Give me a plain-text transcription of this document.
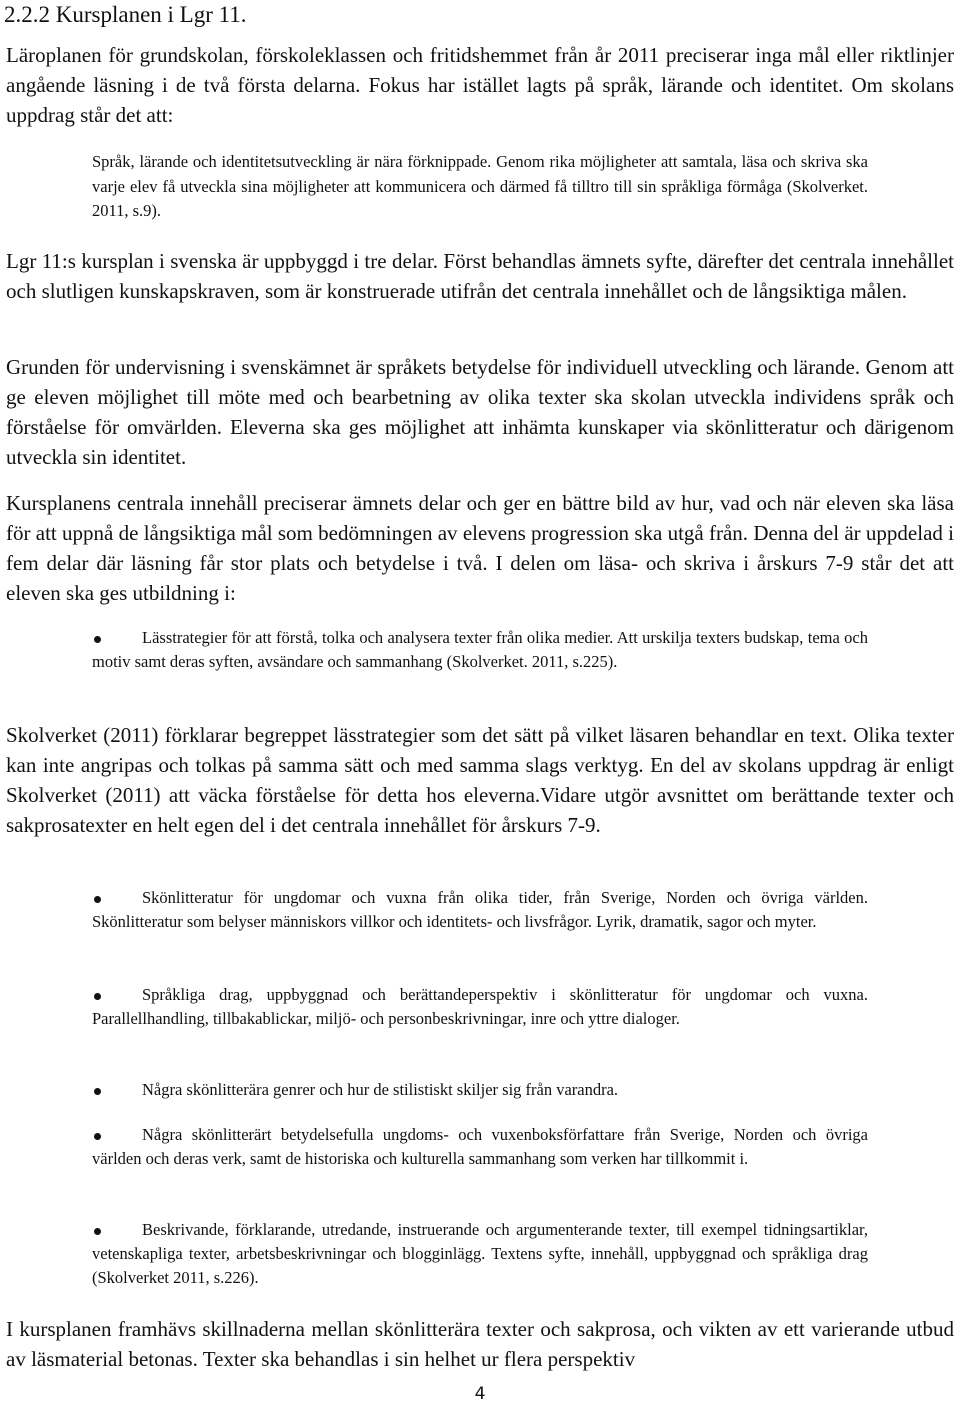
2.2.2 Kursplanen i Lgr 11.

Läroplanen för grundskolan, förskoleklassen och fritidshemmet från år 2011 preciserar inga mål eller riktlinjer angående läsning i de två första delarna. Fokus har istället lagts på språk, lärande och identitet. Om skolans uppdrag står det att:

Språk, lärande och identitetsutveckling är nära förknippade. Genom rika möjligheter att samtala, läsa och skriva ska varje elev få utveckla sina möjligheter att kommunicera och därmed få tilltro till sin språkliga förmåga (Skolverket. 2011, s.9).

Lgr 11:s kursplan i svenska är uppbyggd i tre delar. Först behandlas ämnets syfte, därefter det centrala innehållet och slutligen kunskapskraven, som är konstruerade utifrån det centrala innehållet och de långsiktiga målen.

Grunden för undervisning i svenskämnet är språkets betydelse för individuell utveckling och lärande. Genom att ge eleven möjlighet till möte med och bearbetning av olika texter ska skolan utveckla individens språk och förståelse för omvärlden. Eleverna ska ges möjlighet att inhämta kunskaper via skönlitteratur och därigenom utveckla sin identitet.

Kursplanens centrala innehåll preciserar ämnets delar och ger en bättre bild av hur, vad och när eleven ska läsa för att uppnå de långsiktiga mål som bedömningen av elevens progression ska utgå från. Denna del är uppdelad i fem delar där läsning får stor plats och betydelse i två. I delen om läsa- och skriva i årskurs 7-9 står det att eleven ska ges utbildning i:

Lässtrategier för att förstå, tolka och analysera texter från olika medier. Att urskilja texters budskap, tema och motiv samt deras syften, avsändare och sammanhang (Skolverket. 2011, s.225).

Skolverket (2011) förklarar begreppet lässtrategier som det sätt på vilket läsaren behandlar en text. Olika texter kan inte angripas och tolkas på samma sätt och med samma slags verktyg. En del av skolans uppdrag är enligt Skolverket (2011) att väcka förståelse för detta hos eleverna.Vidare utgör avsnittet om berättande texter och sakprosatexter en helt egen del i det centrala innehållet för årskurs 7-9.

Skönlitteratur för ungdomar och vuxna från olika tider, från Sverige, Norden och övriga världen. Skönlitteratur som belyser människors villkor och identitets- och livsfrågor. Lyrik, dramatik, sagor och myter.

Språkliga drag, uppbyggnad och berättandeperspektiv i skönlitteratur för ungdomar och vuxna. Parallellhandling, tillbakablickar, miljö- och personbeskrivningar, inre och yttre dialoger.

Några skönlitterära genrer och hur de stilistiskt skiljer sig från varandra.

Några skönlitterärt betydelsefulla ungdoms- och vuxenboksförfattare från Sverige, Norden och övriga världen och deras verk, samt de historiska och kulturella sammanhang som verken har tillkommit i.

Beskrivande, förklarande, utredande, instruerande och argumenterande texter, till exempel tidningsartiklar, vetenskapliga texter, arbetsbeskrivningar och blogginlägg. Textens syfte, innehåll, uppbyggnad och språkliga drag (Skolverket 2011, s.226).

I kursplanen framhävs skillnaderna mellan skönlitterära texter och sakprosa, och vikten av ett varierande utbud av läsmaterial betonas. Texter ska behandlas i sin helhet ur flera perspektiv

4
